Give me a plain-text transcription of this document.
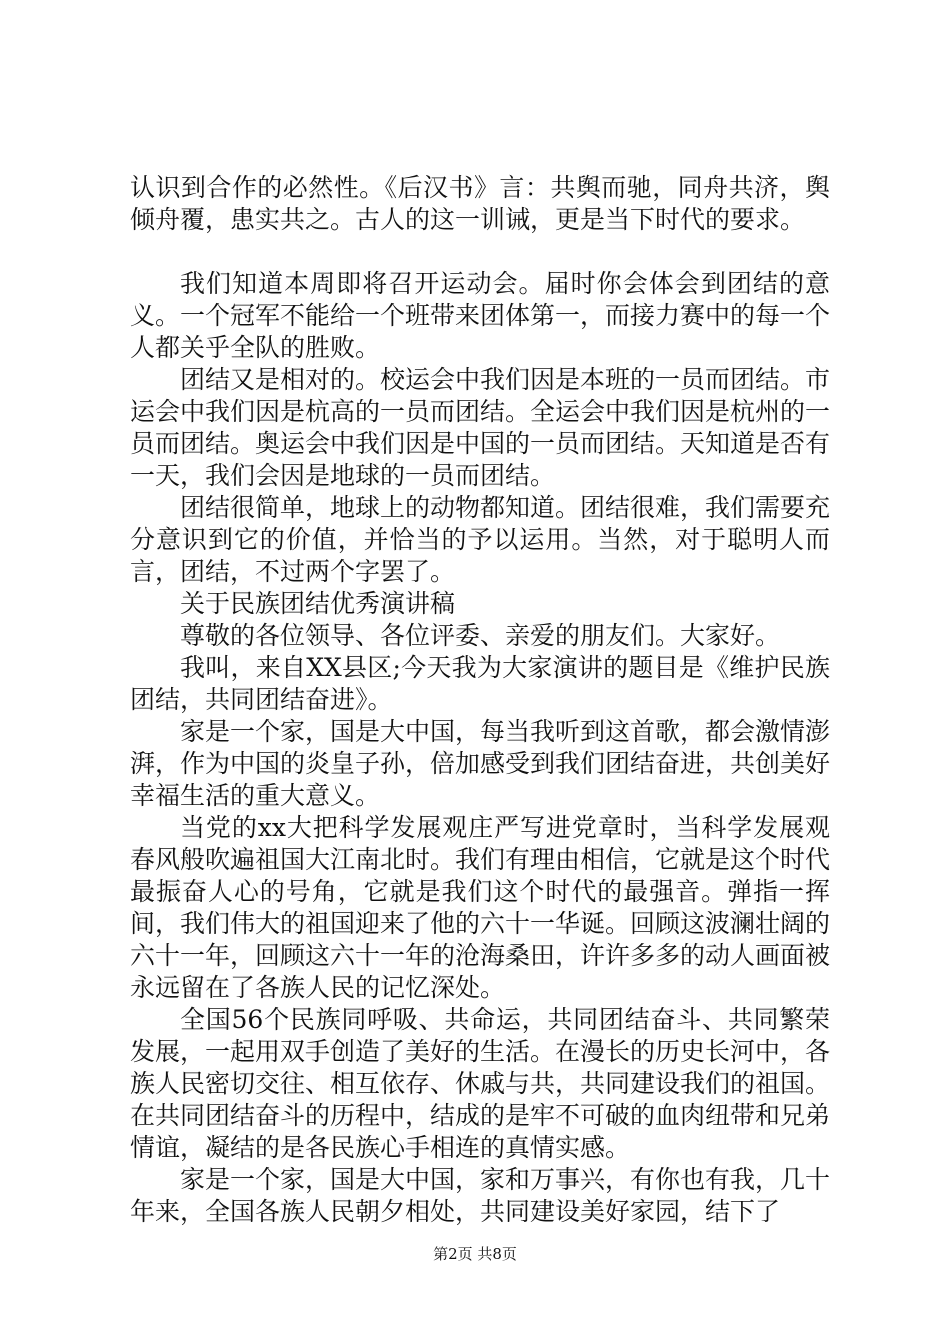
认识到合作的必然性。《后汉书》言：共舆而驰，同舟共济，舆倾舟覆，患实共之。古人的这一训诫，更是当下时代的要求。

我们知道本周即将召开运动会。届时你会体会到团结的意义。一个冠军不能给一个班带来团体第一，而接力赛中的每一个人都关乎全队的胜败。

团结又是相对的。校运会中我们因是本班的一员而团结。市运会中我们因是杭高的一员而团结。全运会中我们因是杭州的一员而团结。奥运会中我们因是中国的一员而团结。天知道是否有一天，我们会因是地球的一员而团结。

团结很简单，地球上的动物都知道。团结很难，我们需要充分意识到它的价值，并恰当的予以运用。当然，对于聪明人而言，团结，不过两个字罢了。

关于民族团结优秀演讲稿

尊敬的各位领导、各位评委、亲爱的朋友们。大家好。

我叫，来自XX县区;今天我为大家演讲的题目是《维护民族团结，共同团结奋进》。

家是一个家，国是大中国，每当我听到这首歌，都会激情澎湃，作为中国的炎皇子孙，倍加感受到我们团结奋进，共创美好幸福生活的重大意义。

当党的xx大把科学发展观庄严写进党章时，当科学发展观春风般吹遍祖国大江南北时。我们有理由相信，它就是这个时代最振奋人心的号角，它就是我们这个时代的最强音。弹指一挥间，我们伟大的祖国迎来了他的六十一华诞。回顾这波澜壮阔的六十一年，回顾这六十一年的沧海桑田，许许多多的动人画面被永远留在了各族人民的记忆深处。

全国56个民族同呼吸、共命运，共同团结奋斗、共同繁荣发展，一起用双手创造了美好的生活。在漫长的历史长河中，各族人民密切交往、相互依存、休戚与共，共同建设我们的祖国。在共同团结奋斗的历程中，结成的是牢不可破的血肉纽带和兄弟情谊，凝结的是各民族心手相连的真情实感。

家是一个家，国是大中国，家和万事兴，有你也有我，几十年来，全国各族人民朝夕相处，共同建设美好家园，结下了

第2页 共8页
